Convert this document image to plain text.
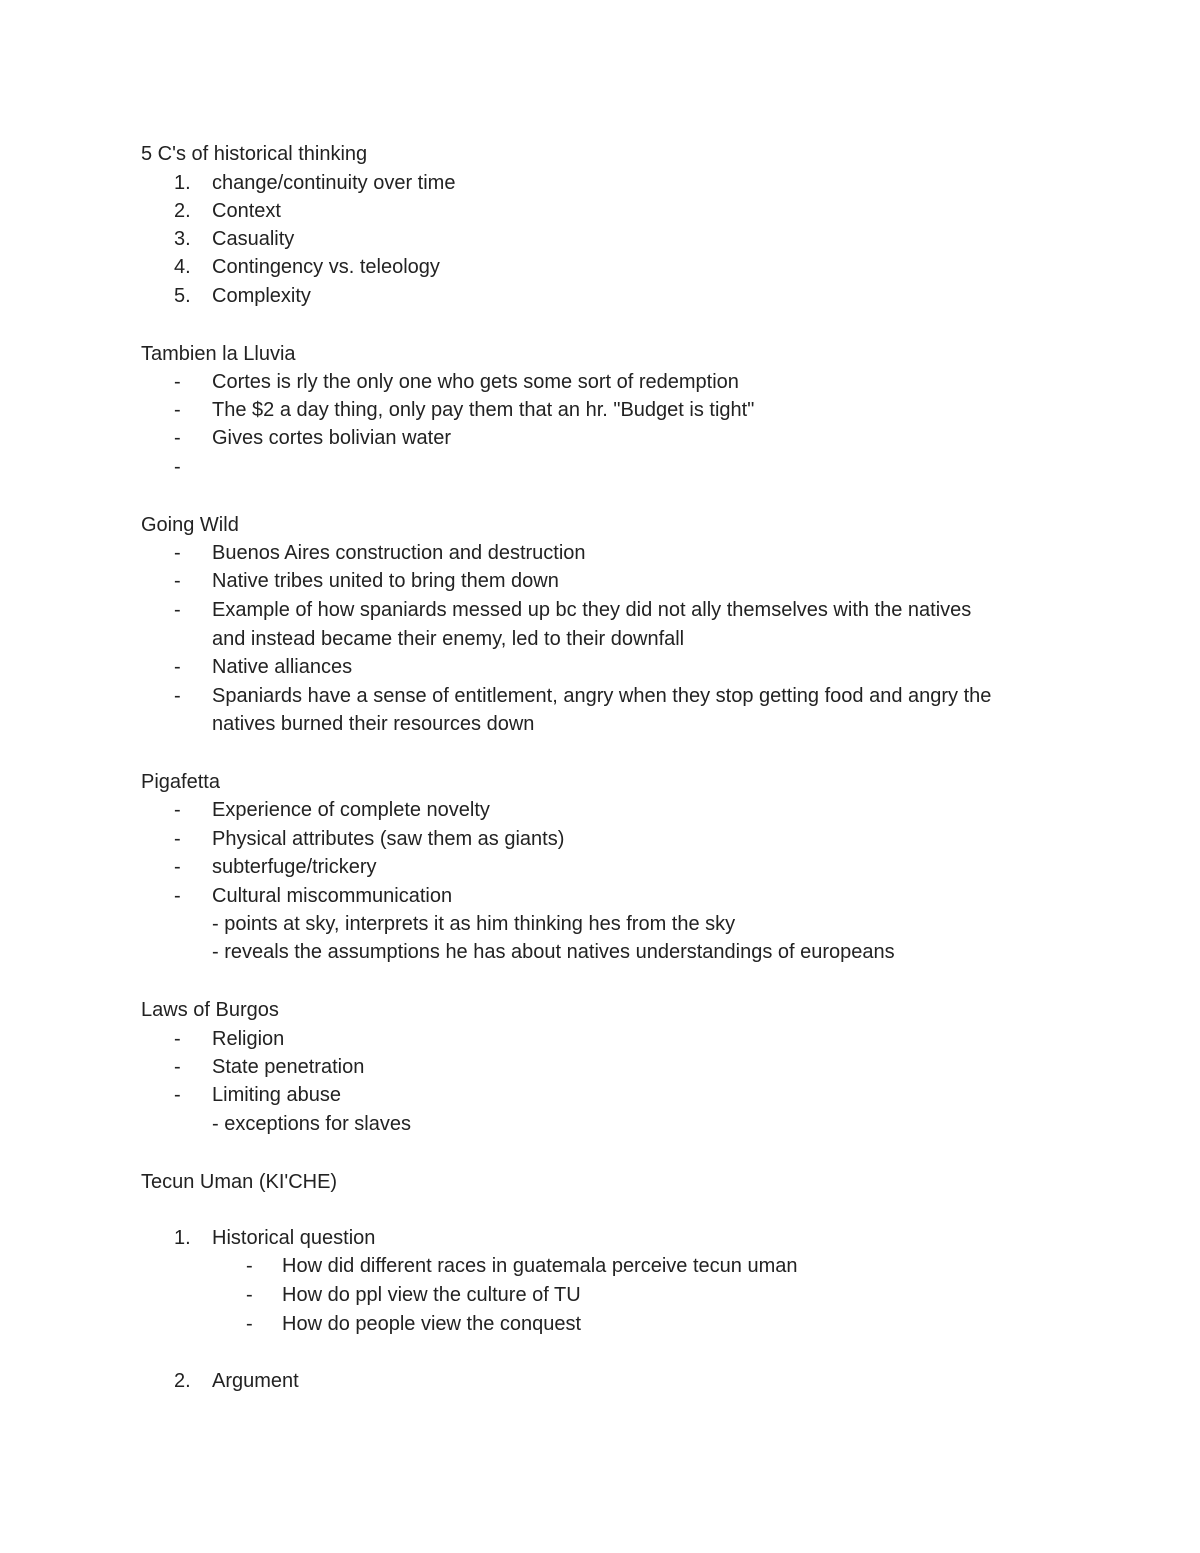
5 C's of historical thinking
1. change/continuity over time
2. Context
3. Casuality
4. Contingency vs. teleology
5. Complexity
Tambien la Lluvia
- Cortes is rly the only one who gets some sort of redemption
- The $2 a day thing, only pay them that an hr. "Budget is tight"
- Gives cortes bolivian water
-
Going Wild
- Buenos Aires construction and destruction
- Native tribes united to bring them down
- Example of how spaniards messed up bc they did not ally themselves with the natives
and instead became their enemy, led to their downfall
- Native alliances
- Spaniards have a sense of entitlement, angry when they stop getting food and angry the
natives burned their resources down
Pigafetta
- Experience of complete novelty
- Physical attributes (saw them as giants)
- subterfuge/trickery
- Cultural miscommunication
- points at sky, interprets it as him thinking hes from the sky
- reveals the assumptions he has about natives understandings of europeans
Laws of Burgos
- Religion
- State penetration
- Limiting abuse
- exceptions for slaves
Tecun Uman (KI'CHE)
1. Historical question
- How did different races in guatemala perceive tecun uman
- How do ppl view the culture of TU
- How do people view the conquest
2. Argument
